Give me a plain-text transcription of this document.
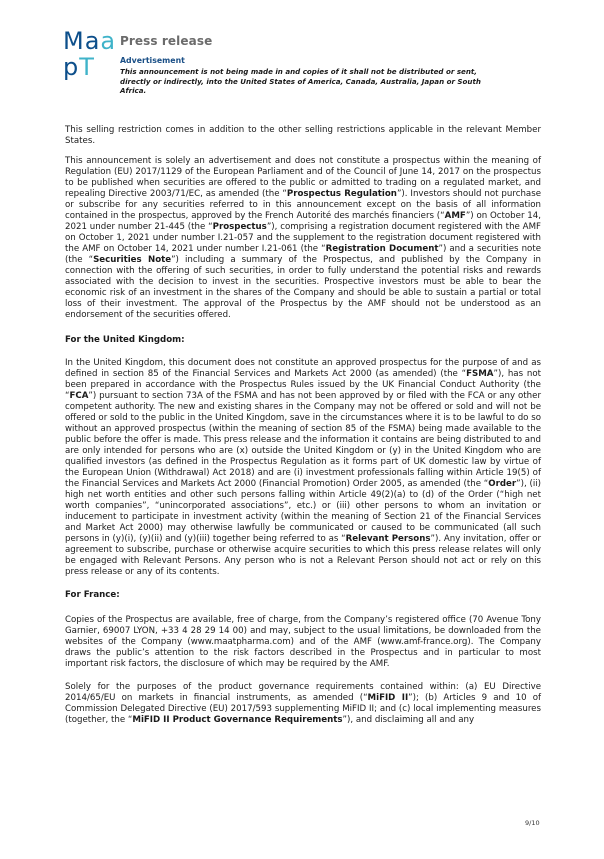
Maa
pT
Press release
Advertisement
This announcement is not being made in and copies of it shall not be distributed or sent, directly or indirectly, into the United States of America, Canada, Australia, Japan or South Africa.

This selling restriction comes in addition to the other selling restrictions applicable in the relevant Member States.

This announcement is solely an advertisement and does not constitute a prospectus within the meaning of Regulation (EU) 2017/1129 of the European Parliament and of the Council of June 14, 2017 on the prospectus to be published when securities are offered to the public or admitted to trading on a regulated market, and repealing Directive 2003/71/EC, as amended (the “Prospectus Regulation”). Investors should not purchase or subscribe for any securities referred to in this announcement except on the basis of all information contained in the prospectus, approved by the French Autorité des marchés financiers (“AMF”) on October 14, 2021 under number 21-445 (the “Prospectus”), comprising a registration document registered with the AMF on October 1, 2021 under number I.21-057 and the supplement to the registration document registered with the AMF on October 14, 2021 under number I.21-061 (the “Registration Document”) and a securities note (the “Securities Note”) including a summary of the Prospectus, and published by the Company in connection with the offering of such securities, in order to fully understand the potential risks and rewards associated with the decision to invest in the securities. Prospective investors must be able to bear the economic risk of an investment in the shares of the Company and should be able to sustain a partial or total loss of their investment. The approval of the Prospectus by the AMF should not be understood as an endorsement of the securities offered.

For the United Kingdom:

In the United Kingdom, this document does not constitute an approved prospectus for the purpose of and as defined in section 85 of the Financial Services and Markets Act 2000 (as amended) (the “FSMA”), has not been prepared in accordance with the Prospectus Rules issued by the UK Financial Conduct Authority (the “FCA”) pursuant to section 73A of the FSMA and has not been approved by or filed with the FCA or any other competent authority. The new and existing shares in the Company may not be offered or sold and will not be offered or sold to the public in the United Kingdom, save in the circumstances where it is to be lawful to do so without an approved prospectus (within the meaning of section 85 of the FSMA) being made available to the public before the offer is made. This press release and the information it contains are being distributed to and are only intended for persons who are (x) outside the United Kingdom or (y) in the United Kingdom who are qualified investors (as defined in the Prospectus Regulation as it forms part of UK domestic law by virtue of the European Union (Withdrawal) Act 2018) and are (i) investment professionals falling within Article 19(5) of the Financial Services and Markets Act 2000 (Financial Promotion) Order 2005, as amended (the “Order”), (ii) high net worth entities and other such persons falling within Article 49(2)(a) to (d) of the Order (“high net worth companies”, “unincorporated associations”, etc.) or (iii) other persons to whom an invitation or inducement to participate in investment activity (within the meaning of Section 21 of the Financial Services and Market Act 2000) may otherwise lawfully be communicated or caused to be communicated (all such persons in (y)(i), (y)(ii) and (y)(iii) together being referred to as “Relevant Persons”). Any invitation, offer or agreement to subscribe, purchase or otherwise acquire securities to which this press release relates will only be engaged with Relevant Persons. Any person who is not a Relevant Person should not act or rely on this press release or any of its contents.

For France:

Copies of the Prospectus are available, free of charge, from the Company’s registered office (70 Avenue Tony Garnier, 69007 LYON, +33 4 28 29 14 00) and may, subject to the usual limitations, be downloaded from the websites of the Company (www.maatpharma.com) and of the AMF (www.amf-france.org). The Company draws the public’s attention to the risk factors described in the Prospectus and in particular to most important risk factors, the disclosure of which may be required by the AMF.

Solely for the purposes of the product governance requirements contained within: (a) EU Directive 2014/65/EU on markets in financial instruments, as amended (“MiFID II”); (b) Articles 9 and 10 of Commission Delegated Directive (EU) 2017/593 supplementing MiFID II; and (c) local implementing measures (together, the “MiFID II Product Governance Requirements”), and disclaiming all and any

9/10
